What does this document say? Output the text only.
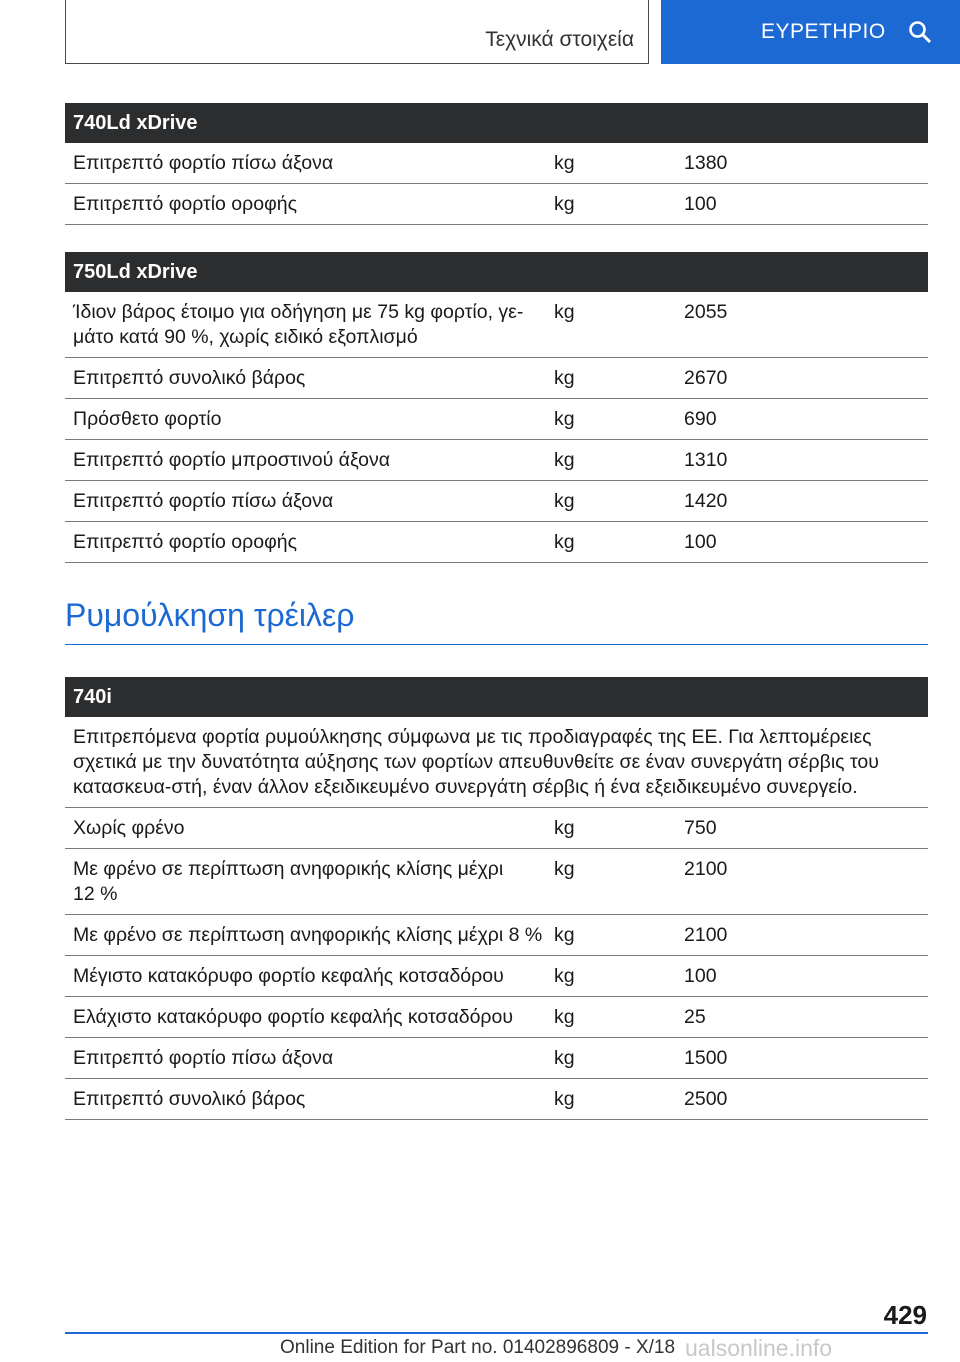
Τεχνικά στοιχεία	ΕΥΡΕΤΗΡΙΟ
740Ld xDrive
Επιτρεπτό φορτίο πίσω άξονα	kg	1380
Επιτρεπτό φορτίο οροφής	kg	100
750Ld xDrive
Ίδιον βάρος έτοιμο για οδήγηση με 75 kg φορτίο, γε-
μάτο κατά 90 %, χωρίς ειδικό εξοπλισμό
kg	2055
Επιτρεπτό συνολικό βάρος	kg	2670
Πρόσθετο φορτίο	kg	690
Επιτρεπτό φορτίο μπροστινού άξονα	kg	1310
Επιτρεπτό φορτίο πίσω άξονα	kg	1420
Επιτρεπτό φορτίο οροφής	kg	100
Ρυμούλκηση τρέιλερ
740i
Επιτρεπόμενα φορτία ρυμούλκησης σύμφωνα με τις προδιαγραφές της ΕΕ. Για λεπτομέρειες σχετικά με την δυνατότητα αύξησης των φορτίων απευθυνθείτε σε έναν συνεργάτη σέρβις του κατασκευα-στή, έναν άλλον εξειδικευμένο συνεργάτη σέρβις ή ένα εξειδικευμένο συνεργείο.
Χωρίς φρένο	kg	750
Με φρένο σε περίπτωση ανηφορικής κλίσης μέχρι
12 %
kg	2100
Με φρένο σε περίπτωση ανηφορικής κλίσης μέχρι 8 % kg	2100
Μέγιστο κατακόρυφο φορτίο κεφαλής κοτσαδόρου	kg	100
Ελάχιστο κατακόρυφο φορτίο κεφαλής κοτσαδόρου	kg	25
Επιτρεπτό φορτίο πίσω άξονα	kg	1500
Επιτρεπτό συνολικό βάρος	kg	2500
429
Online Edition for Part no. 01402896809 - X/18 ualsonline.info
